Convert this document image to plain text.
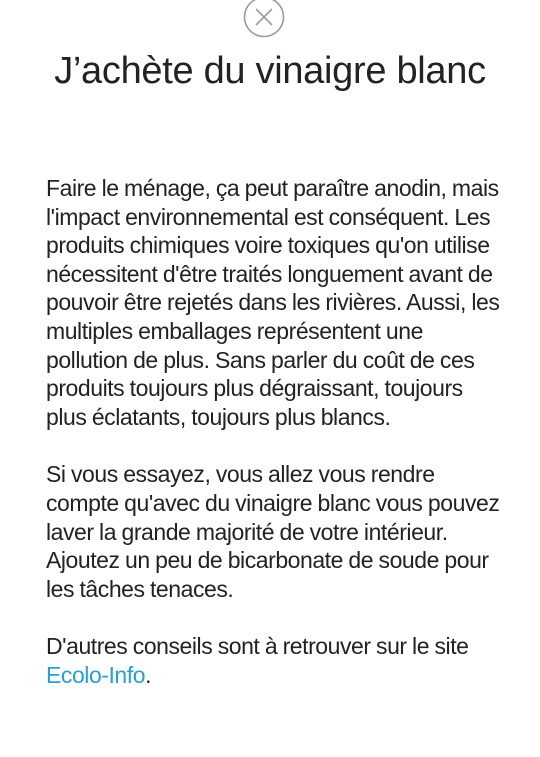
J’achète du vinaigre blanc

Faire le ménage, ça peut paraître anodin, mais l'impact environnemental est conséquent. Les produits chimiques voire toxiques qu'on utilise nécessitent d'être traités longuement avant de pouvoir être rejetés dans les rivières. Aussi, les multiples emballages représentent une pollution de plus. Sans parler du coût de ces produits toujours plus dégraissant, toujours plus éclatants, toujours plus blancs.

Si vous essayez, vous allez vous rendre compte qu'avec du vinaigre blanc vous pouvez laver la grande majorité de votre intérieur. Ajoutez un peu de bicarbonate de soude pour les tâches tenaces.

D'autres conseils sont à retrouver sur le site Ecolo-Info.
